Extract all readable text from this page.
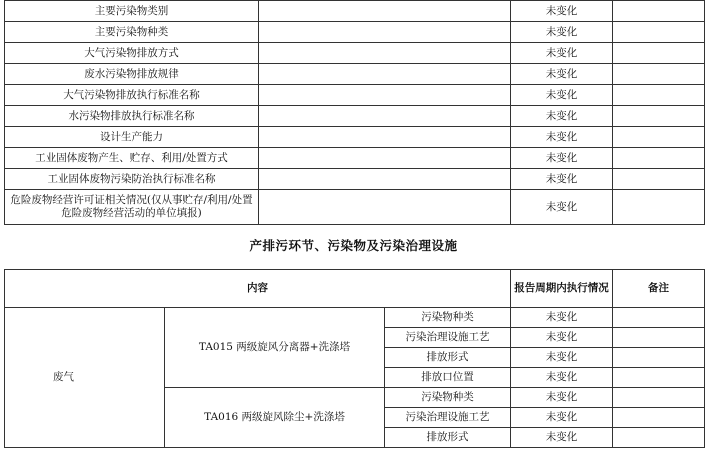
主要污染物类别		未变化	
主要污染物种类		未变化	
大气污染物排放方式		未变化	
废水污染物排放规律		未变化	
大气污染物排放执行标准名称		未变化	
水污染物排放执行标准名称		未变化	
设计生产能力		未变化	
工业固体废物产生、贮存、利用/处置方式		未变化	
工业固体废物污染防治执行标准名称		未变化	
危险废物经营许可证相关情况(仅从事贮存/利用/处置危险废物经营活动的单位填报)		未变化	
产排污环节、污染物及污染治理设施
内容			报告周期内执行情况	备注
废气	TA015 两级旋风分离器+洗涤塔	污染物种类	未变化	
		污染治理设施工艺	未变化	
		排放形式	未变化	
		排放口位置	未变化	
	TA016 两级旋风除尘+洗涤塔	污染物种类	未变化	
		污染治理设施工艺	未变化	
		排放形式	未变化	
